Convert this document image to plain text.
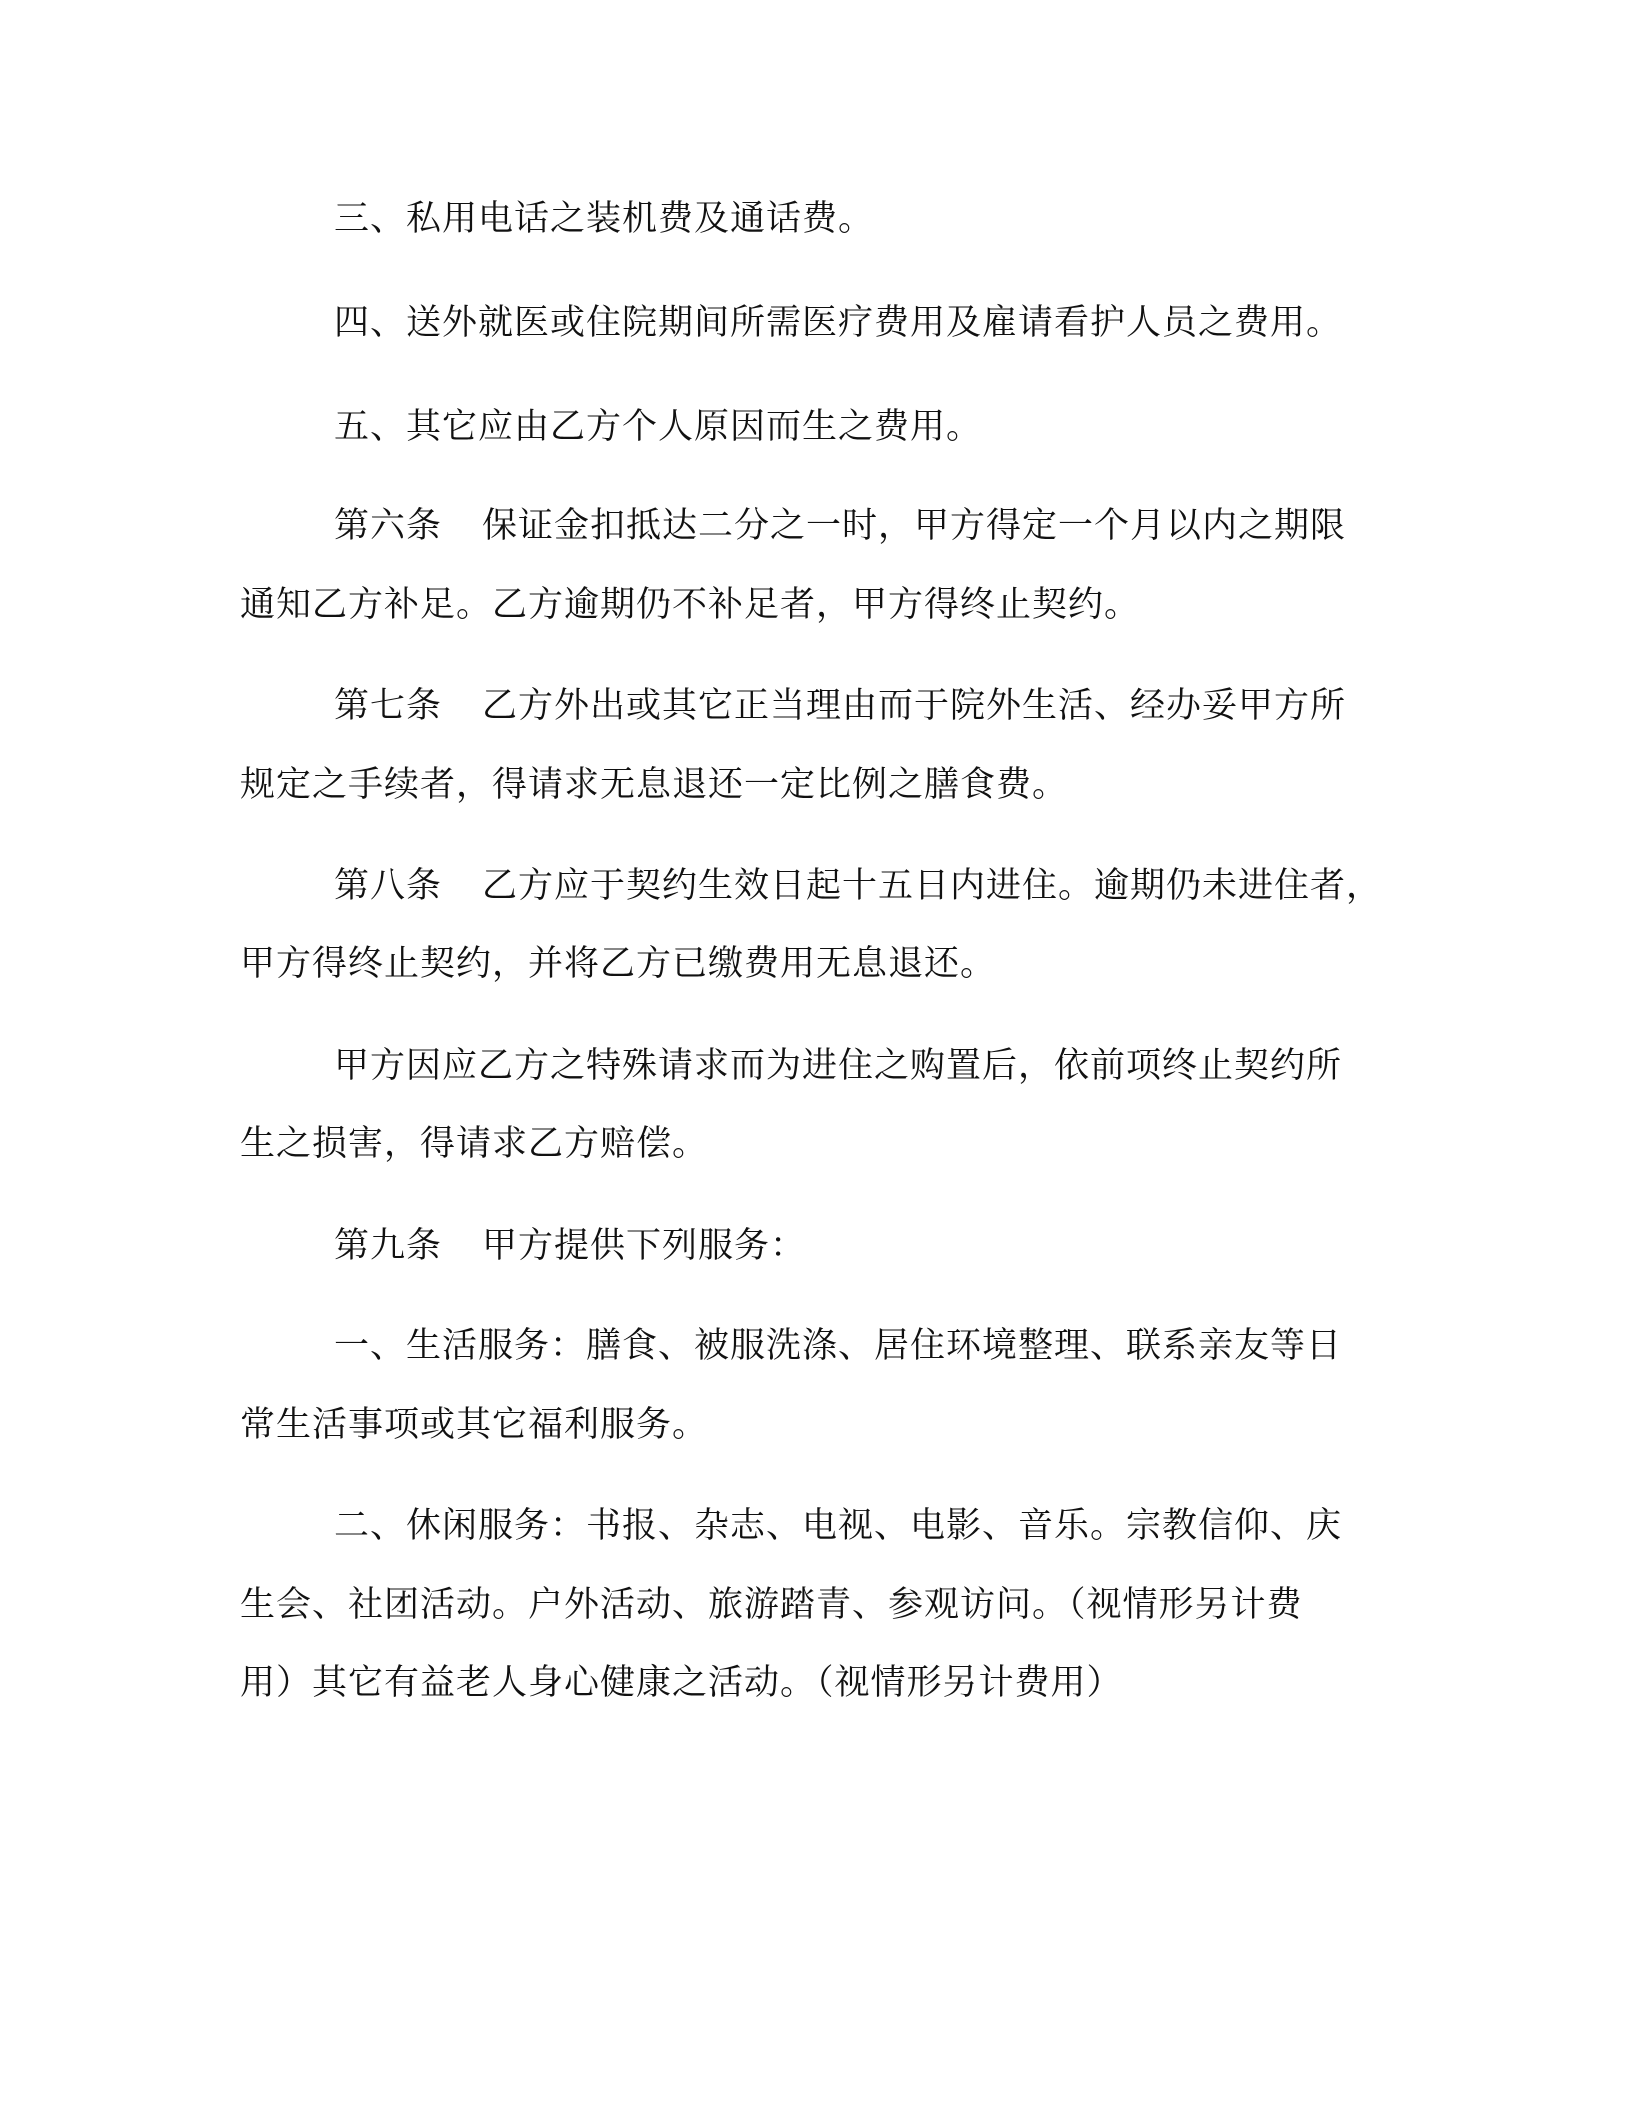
三、私用电话之装机费及通话费。
四、送外就医或住院期间所需医疗费用及雇请看护人员之费用。
五、其它应由乙方个人原因而生之费用。
第六条 保证金扣抵达二分之一时，甲方得定一个月以内之期限
通知乙方补足。乙方逾期仍不补足者，甲方得终止契约。
第七条 乙方外出或其它正当理由而于院外生活、经办妥甲方所
规定之手续者，得请求无息退还一定比例之膳食费。
第八条 乙方应于契约生效日起十五日内进住。逾期仍未进住者，
甲方得终止契约，并将乙方已缴费用无息退还。
甲方因应乙方之特殊请求而为进住之购置后，依前项终止契约所
生之损害，得请求乙方赔偿。
第九条 甲方提供下列服务：
一、生活服务：膳食、被服洗涤、居住环境整理、联系亲友等日
常生活事项或其它福利服务。
二、休闲服务：书报、杂志、电视、电影、音乐。宗教信仰、庆
生会、社团活动。户外活动、旅游踏青、参观访问。（视情形另计费
用）其它有益老人身心健康之活动。（视情形另计费用）
